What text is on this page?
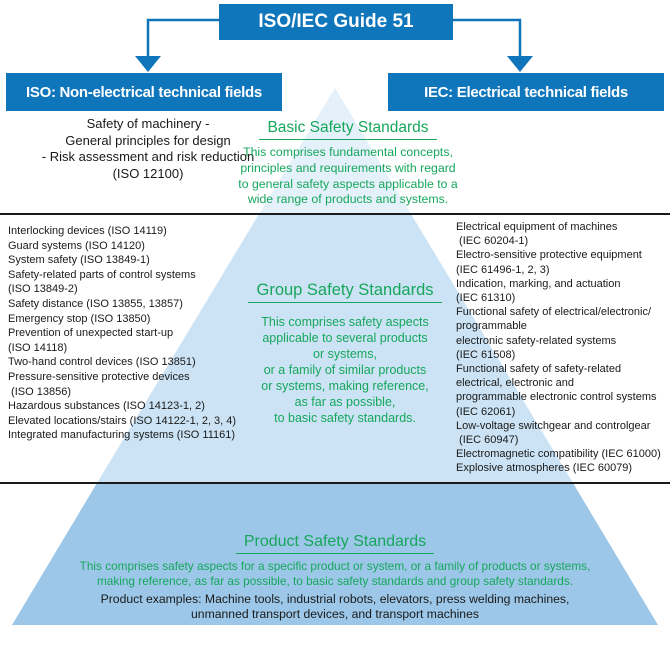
ISO/IEC Guide 51
ISO: Non-electrical technical fields	IEC: Electrical technical fields
Safety of machinery -
General principles for design
- Risk assessment and risk reduction
(ISO 12100)
Basic Safety Standards
This comprises fundamental concepts,
principles and requirements with regard
to general safety aspects applicable to a
wide range of products and systems.
Interlocking devices (ISO 14119)
Guard systems (ISO 14120)
System safety (ISO 13849-1)
Safety-related parts of control systems
(ISO 13849-2)
Safety distance (ISO 13855, 13857)
Emergency stop (ISO 13850)
Prevention of unexpected start-up
(ISO 14118)
Two-hand control devices (ISO 13851)
Pressure-sensitive protective devices
(ISO 13856)
Hazardous substances (ISO 14123-1, 2)
Elevated locations/stairs (ISO 14122-1, 2, 3, 4)
Integrated manufacturing systems (ISO 11161)
Electrical equipment of machines
(IEC 60204-1)
Electro-sensitive protective equipment
(IEC 61496-1, 2, 3)
Indication, marking, and actuation
(IEC 61310)
Functional safety of electrical/electronic/
programmable
electronic safety-related systems
(IEC 61508)
Functional safety of safety-related
electrical, electronic and
programmable electronic control systems
(IEC 62061)
Low-voltage switchgear and controlgear
(IEC 60947)
Electromagnetic compatibility (IEC 61000)
Explosive atmospheres (IEC 60079)
Group Safety Standards
This comprises safety aspects
applicable to several products
or systems,
or a family of similar products
or systems, making reference,
as far as possible,
to basic safety standards.
Product Safety Standards
This comprises safety aspects for a specific product or system, or a family of products or systems,
making reference, as far as possible, to basic safety standards and group safety standards.
Product examples: Machine tools, industrial robots, elevators, press welding machines,
unmanned transport devices, and transport machines
